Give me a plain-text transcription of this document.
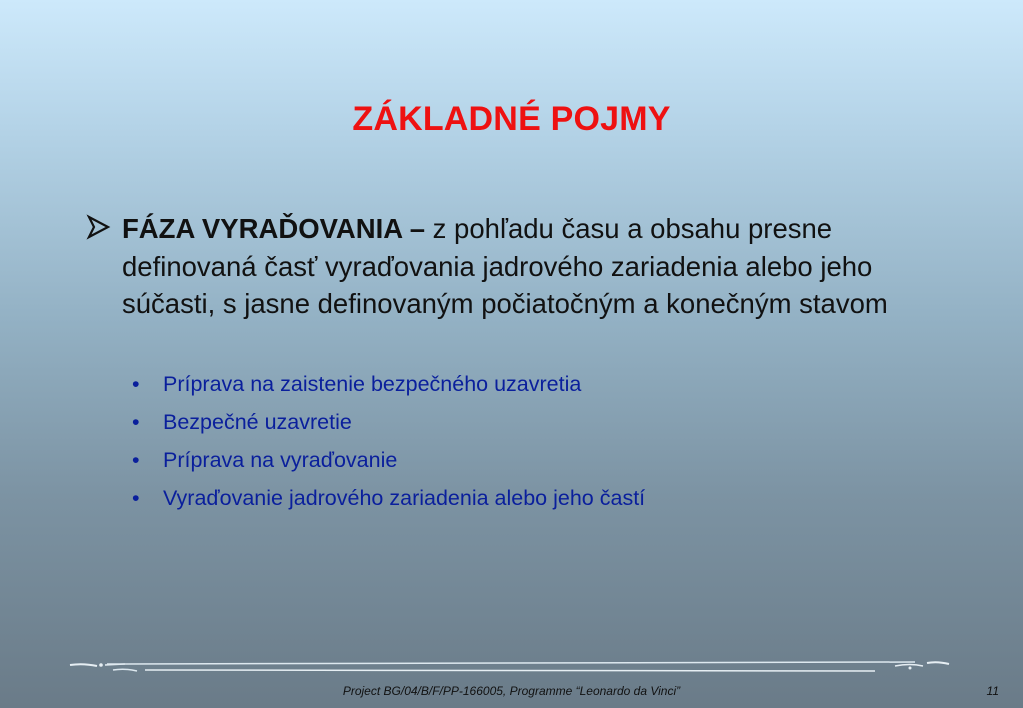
ZÁKLADNÉ POJMY
FÁZA VYRAĎOVANIA – z pohľadu času a obsahu presne definovaná časť vyraďovania jadrového zariadenia alebo jeho súčasti, s jasne definovaným počiatočným a konečným stavom
• Príprava na zaistenie bezpečného uzavretia
• Bezpečné uzavretie
• Príprava na vyraďovanie
• Vyraďovanie jadrového zariadenia alebo jeho častí
Project BG/04/B/F/PP-166005, Programme “Leonardo da Vinci”	11
